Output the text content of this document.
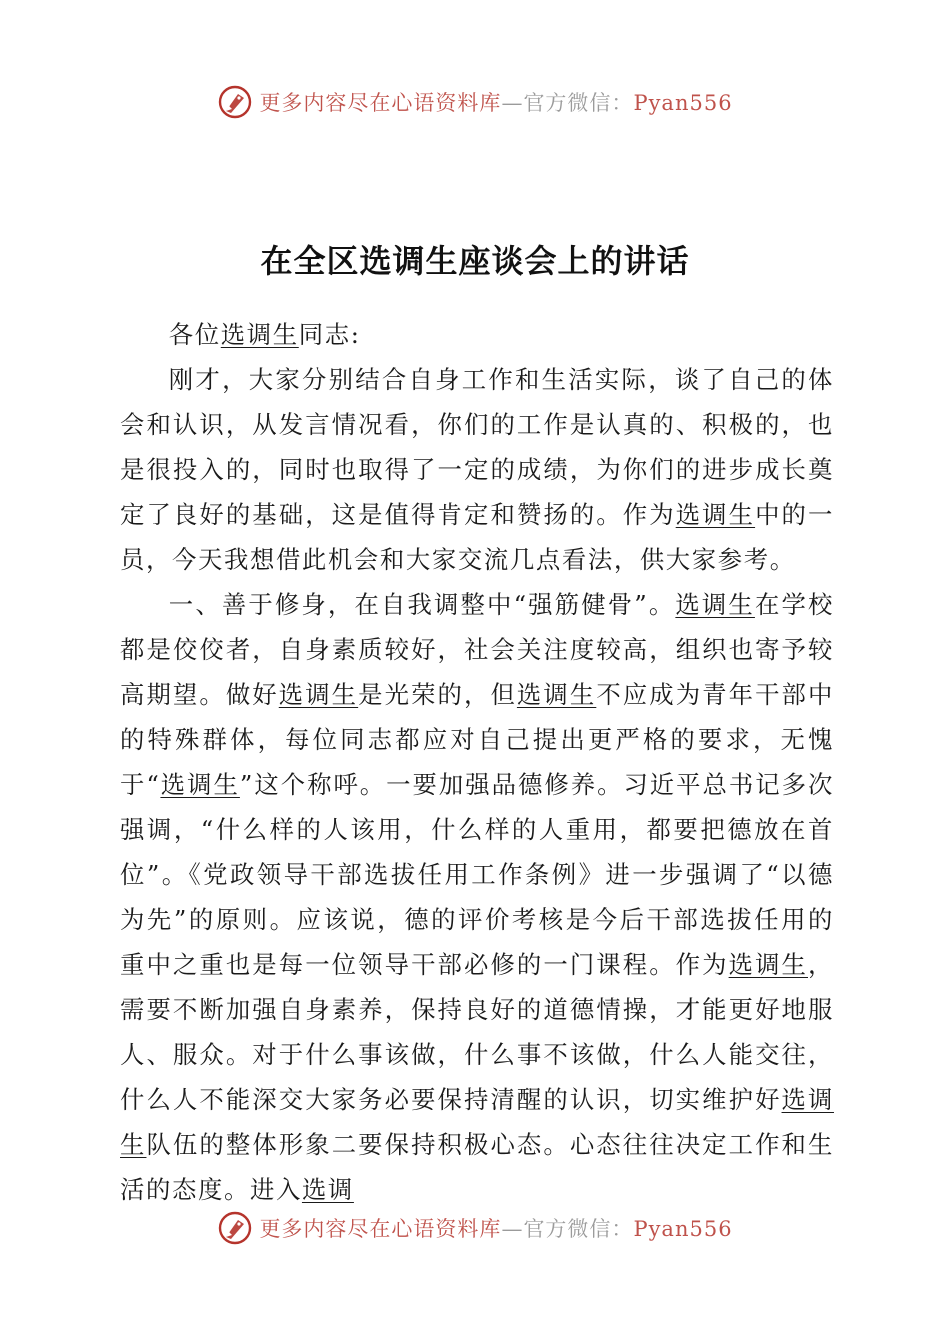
更多内容尽在心语资料库—官方微信：Pyan556
在全区选调生座谈会上的讲话

各位选调生同志:

刚才，大家分别结合自身工作和生活实际，谈了自己的体会和认识，从发言情况看，你们的工作是认真的、积极的，也是很投入的，同时也取得了一定的成绩，为你们的进步成长奠定了良好的基础，这是值得肯定和赞扬的。作为选调生中的一员，今天我想借此机会和大家交流几点看法，供大家参考。

一、善于修身，在自我调整中“强筋健骨”。选调生在学校都是佼佼者，自身素质较好，社会关注度较高，组织也寄予较高期望。做好选调生是光荣的，但选调生不应成为青年干部中的特殊群体，每位同志都应对自己提出更严格的要求，无愧于“选调生”这个称呼。一要加强品德修养。习近平总书记多次强调，“什么样的人该用，什么样的人重用，都要把德放在首位”。《党政领导干部选拔任用工作条例》进一步强调了“以德为先”的原则。应该说，德的评价考核是今后干部选拔任用的重中之重也是每一位领导干部必修的一门课程。作为选调生，需要不断加强自身素养，保持良好的道德情操，才能更好地服人、服众。对于什么事该做，什么事不该做，什么人能交往，什么人不能深交大家务必要保持清醒的认识，切实维护好选调生队伍的整体形象二要保持积极心态。心态往往决定工作和生活的态度。进入选调

更多内容尽在心语资料库—官方微信：Pyan556
